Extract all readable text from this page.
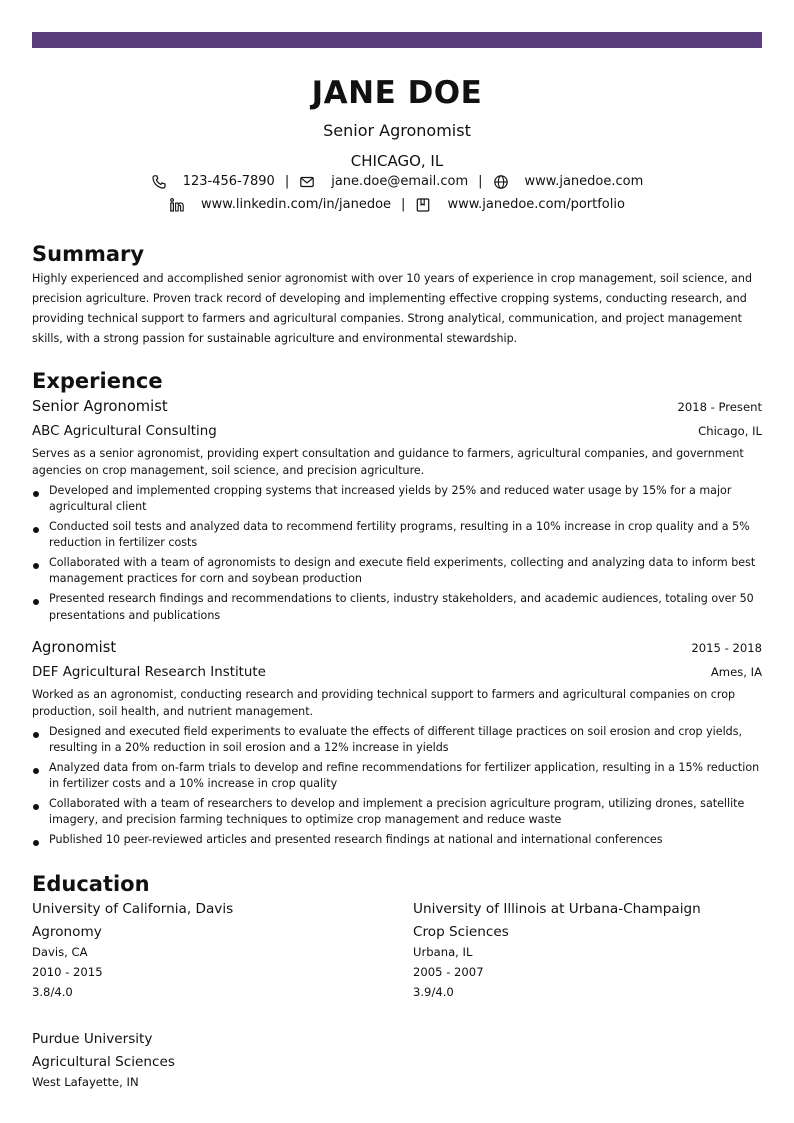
JANE DOE
Senior Agronomist
CHICAGO, IL
123-456-7890 |	jane.doe@email.com |	www.janedoe.com
www.linkedin.com/in/janedoe |	www.janedoe.com/portfolio
Summary
Highly experienced and accomplished senior agronomist with over 10 years of experience in crop management, soil science, and precision agriculture. Proven track record of developing and implementing effective cropping systems, conducting research, and providing technical support to farmers and agricultural companies. Strong analytical, communication, and project management skills, with a strong passion for sustainable agriculture and environmental stewardship.
Experience
Senior Agronomist	2018 - Present
ABC Agricultural Consulting	Chicago, IL
Serves as a senior agronomist, providing expert consultation and guidance to farmers, agricultural companies, and government agencies on crop management, soil science, and precision agriculture.
Developed and implemented cropping systems that increased yields by 25% and reduced water usage by 15% for a major agricultural client
Conducted soil tests and analyzed data to recommend fertility programs, resulting in a 10% increase in crop quality and a 5% reduction in fertilizer costs
Collaborated with a team of agronomists to design and execute field experiments, collecting and analyzing data to inform best management practices for corn and soybean production
Presented research findings and recommendations to clients, industry stakeholders, and academic audiences, totaling over 50 presentations and publications
Agronomist	2015 - 2018
DEF Agricultural Research Institute	Ames, IA
Worked as an agronomist, conducting research and providing technical support to farmers and agricultural companies on crop production, soil health, and nutrient management.
Designed and executed field experiments to evaluate the effects of different tillage practices on soil erosion and crop yields, resulting in a 20% reduction in soil erosion and a 12% increase in yields
Analyzed data from on-farm trials to develop and refine recommendations for fertilizer application, resulting in a 15% reduction in fertilizer costs and a 10% increase in crop quality
Collaborated with a team of researchers to develop and implement a precision agriculture program, utilizing drones, satellite imagery, and precision farming techniques to optimize crop management and reduce waste
Published 10 peer-reviewed articles and presented research findings at national and international conferences
Education
University of California, Davis
Agronomy
Davis, CA
2010 - 2015
3.8/4.0
University of Illinois at Urbana-Champaign
Crop Sciences
Urbana, IL
2005 - 2007
3.9/4.0
Purdue University
Agricultural Sciences
West Lafayette, IN
